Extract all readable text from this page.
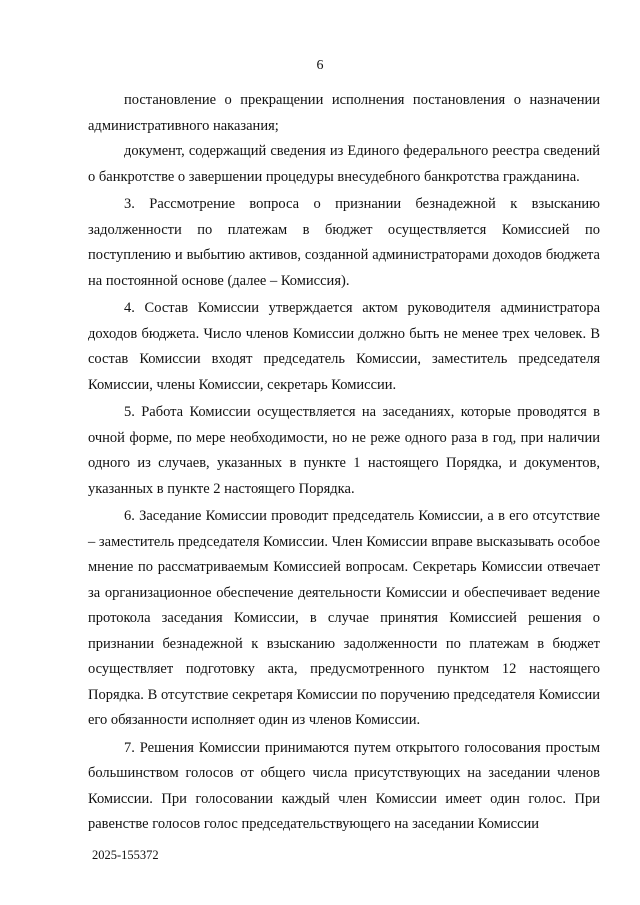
6

постановление о прекращении исполнения постановления о назначении административного наказания;

документ, содержащий сведения из Единого федерального реестра сведений о банкротстве о завершении процедуры внесудебного банкротства гражданина.

3. Рассмотрение вопроса о признании безнадежной к взысканию задолженности по платежам в бюджет осуществляется Комиссией по поступлению и выбытию активов, созданной администраторами доходов бюджета на постоянной основе (далее – Комиссия).

4. Состав Комиссии утверждается актом руководителя администратора доходов бюджета. Число членов Комиссии должно быть не менее трех человек. В состав Комиссии входят председатель Комиссии, заместитель председателя Комиссии, члены Комиссии, секретарь Комиссии.

5. Работа Комиссии осуществляется на заседаниях, которые проводятся в очной форме, по мере необходимости, но не реже одного раза в год, при наличии одного из случаев, указанных в пункте 1 настоящего Порядка, и документов, указанных в пункте 2 настоящего Порядка.

6. Заседание Комиссии проводит председатель Комиссии, а в его отсутствие – заместитель председателя Комиссии. Член Комиссии вправе высказывать особое мнение по рассматриваемым Комиссией вопросам. Секретарь Комиссии отвечает за организационное обеспечение деятельности Комиссии и обеспечивает ведение протокола заседания Комиссии, в случае принятия Комиссией решения о признании безнадежной к взысканию задолженности по платежам в бюджет осуществляет подготовку акта, предусмотренного пунктом 12 настоящего Порядка. В отсутствие секретаря Комиссии по поручению председателя Комиссии его обязанности исполняет один из членов Комиссии.

7. Решения Комиссии принимаются путем открытого голосования простым большинством голосов от общего числа присутствующих на заседании членов Комиссии. При голосовании каждый член Комиссии имеет один голос. При равенстве голосов голос председательствующего на заседании Комиссии

2025-155372
